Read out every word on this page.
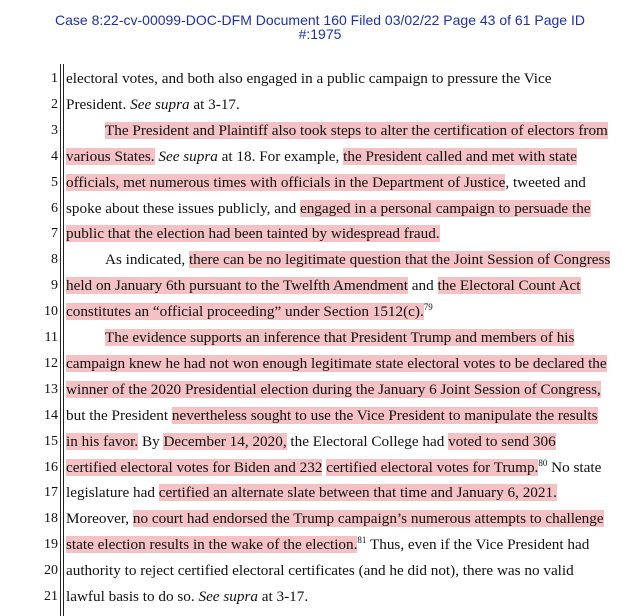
Case 8:22-cv-00099-DOC-DFM Document 160 Filed 03/02/22 Page 43 of 61 Page ID
#:1975
1 electoral votes, and both also engaged in a public campaign to pressure the Vice
2 President. See supra at 3-17.
3	The President and Plaintiff also took steps to alter the certification of electors from
4 various States. See supra at 18. For example, the President called and met with state
5 officials, met numerous times with officials in the Department of Justice, tweeted and
6 spoke about these issues publicly, and engaged in a personal campaign to persuade the
7 public that the election had been tainted by widespread fraud.
8	As indicated, there can be no legitimate question that the Joint Session of Congress
9 held on January 6th pursuant to the Twelfth Amendment and the Electoral Count Act
10 constitutes an “official proceeding” under Section 1512(c).$^{79}$
11	The evidence supports an inference that President Trump and members of his
12 campaign knew he had not won enough legitimate state electoral votes to be declared the
13 winner of the 2020 Presidential election during the January 6 Joint Session of Congress,
14 but the President nevertheless sought to use the Vice President to manipulate the results
15 in his favor. By December 14, 2020, the Electoral College had voted to send 306
16 certified electoral votes for Biden and 232 certified electoral votes for Trump.$^{80}$ No state
17 legislature had certified an alternate slate between that time and January 6, 2021.
18 Moreover, no court had endorsed the Trump campaign’s numerous attempts to challenge
19 state election results in the wake of the election.$^{81}$ Thus, even if the Vice President had
20 authority to reject certified electoral certificates (and he did not), there was no valid
21 lawful basis to do so. See supra at 3-17.
